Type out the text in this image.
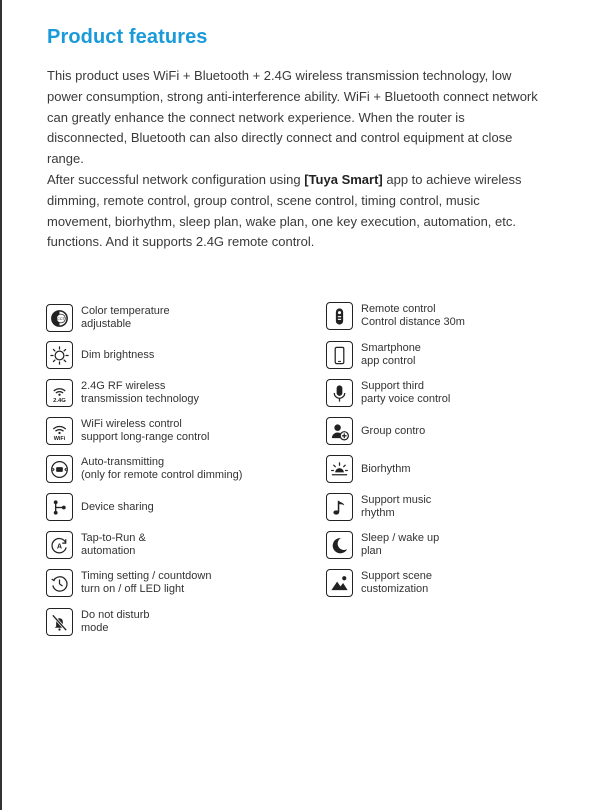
Product features

This product uses WiFi + Bluetooth + 2.4G wireless transmission technology, low power consumption, strong anti-interference ability. WiFi + Bluetooth connect network can greatly enhance the connect network experience. When the router is disconnected, Bluetooth can also directly connect and control equipment at close range.

After successful network configuration using [Tuya Smart] app to achieve wireless dimming, remote control, group control, scene control, timing control, music movement, biorhythm, sleep plan, wake plan, one key execution, automation, etc. functions. And it supports 2.4G remote control.

CCT
Color temperature
adjustable
Dim brightness
2.4G
2.4G RF wireless
transmission technology
WiFi
WiFi wireless control
support long-range control
Auto-transmitting
(only for remote control dimming)
Device sharing
A
Tap-to-Run &
automation
Timing setting / countdown
turn on / off LED light
Do not disturb
mode
Remote control
Control distance 30m
Smartphone
app control
Support third
party voice control
Group contro
Biorhythm
Support music
rhythm
z Sleep / wake up
plan
Support scene
customization
